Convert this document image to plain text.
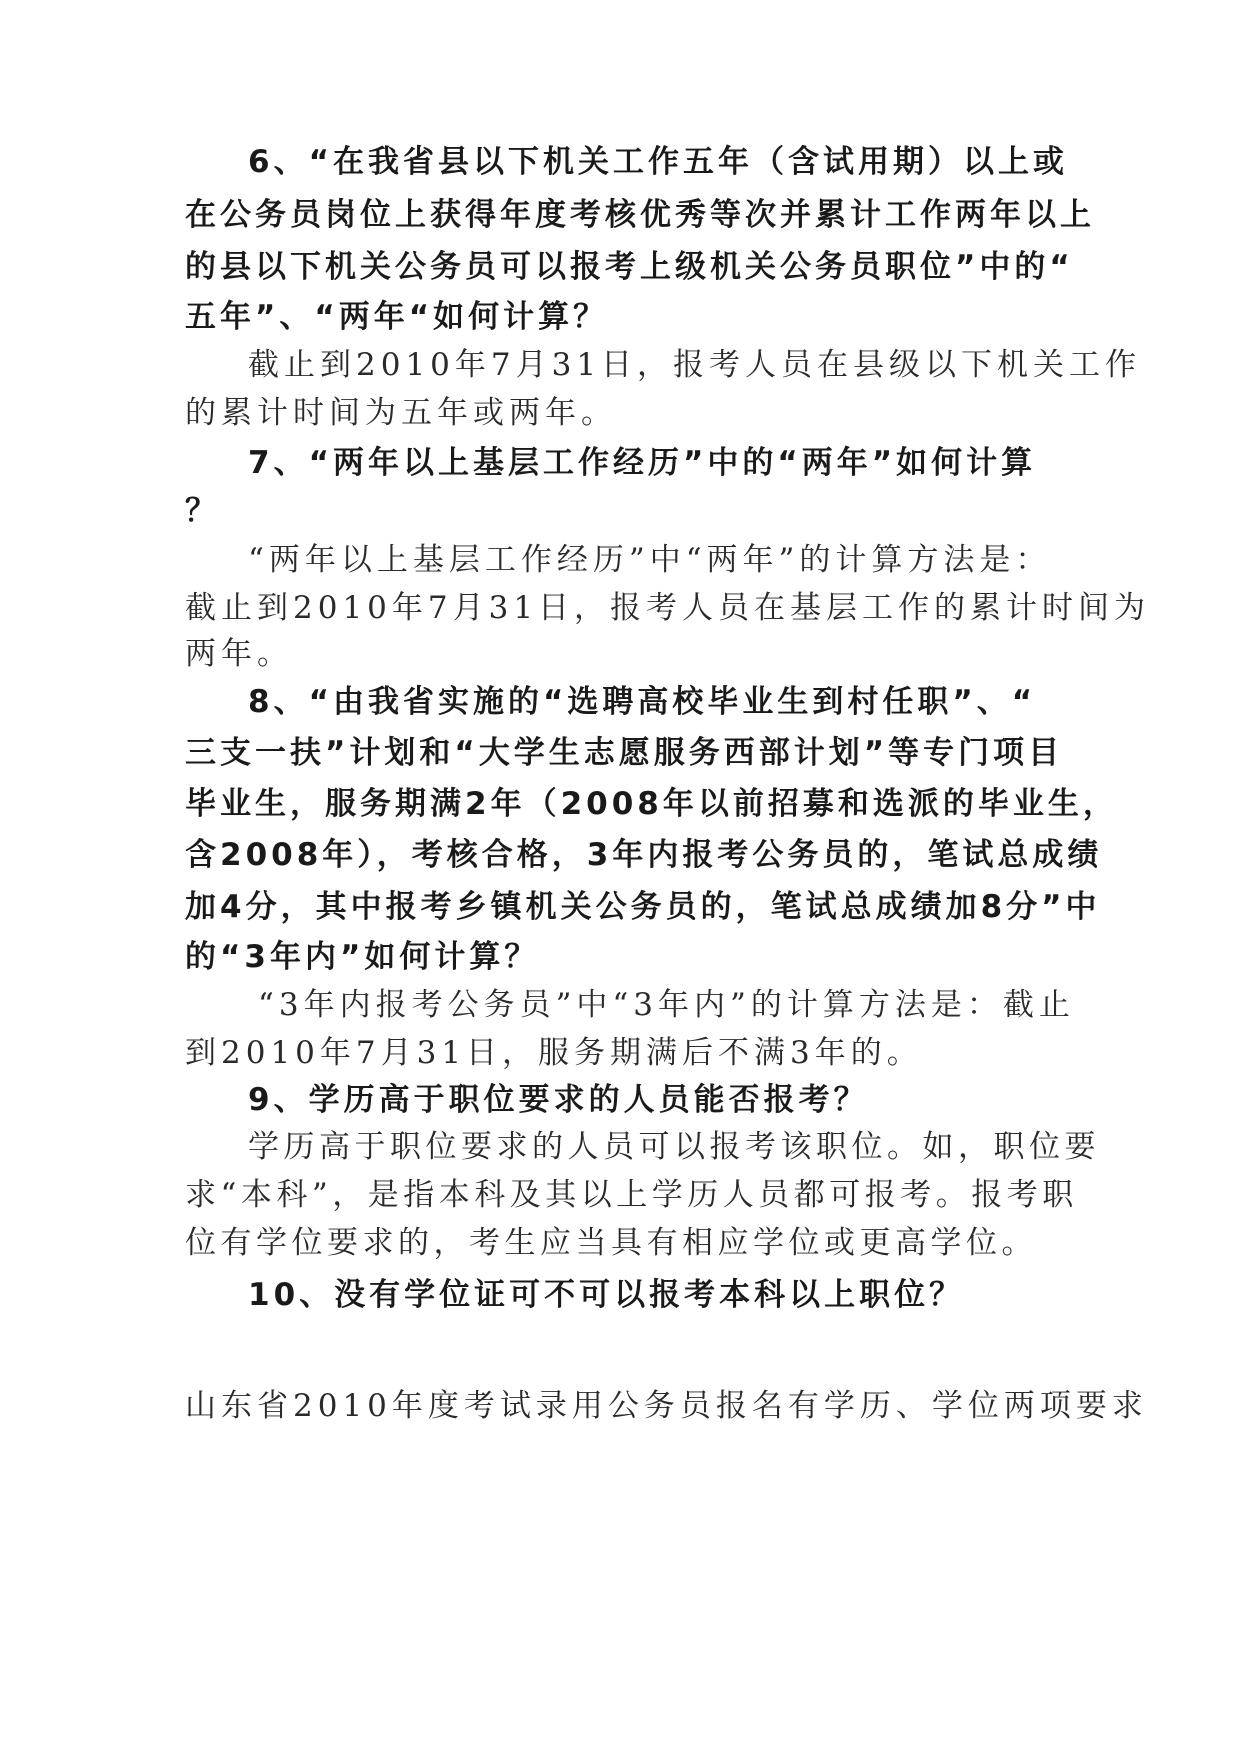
6、“在我省县以下机关工作五年（含试用期）以上或
在公务员岗位上获得年度考核优秀等次并累计工作两年以上
的县以下机关公务员可以报考上级机关公务员职位”中的“
五年”、“两年“如何计算？
截止到2010年7月31日，报考人员在县级以下机关工作
的累计时间为五年或两年。
7、“两年以上基层工作经历”中的“两年”如何计算
？
“两年以上基层工作经历”中“两年”的计算方法是：
截止到2010年7月31日，报考人员在基层工作的累计时间为
两年。
8、“由我省实施的“选聘高校毕业生到村任职”、“
三支一扶”计划和“大学生志愿服务西部计划”等专门项目
毕业生，服务期满2年（2008年以前招募和选派的毕业生，
含2008年），考核合格，3年内报考公务员的，笔试总成绩
加4分，其中报考乡镇机关公务员的，笔试总成绩加8分”中
的“3年内”如何计算？
“3年内报考公务员”中“3年内”的计算方法是：截止
到2010年7月31日，服务期满后不满3年的。
9、学历高于职位要求的人员能否报考？
学历高于职位要求的人员可以报考该职位。如，职位要
求“本科”，是指本科及其以上学历人员都可报考。报考职
位有学位要求的，考生应当具有相应学位或更高学位。
10、没有学位证可不可以报考本科以上职位？
山东省2010年度考试录用公务员报名有学历、学位两项要求
